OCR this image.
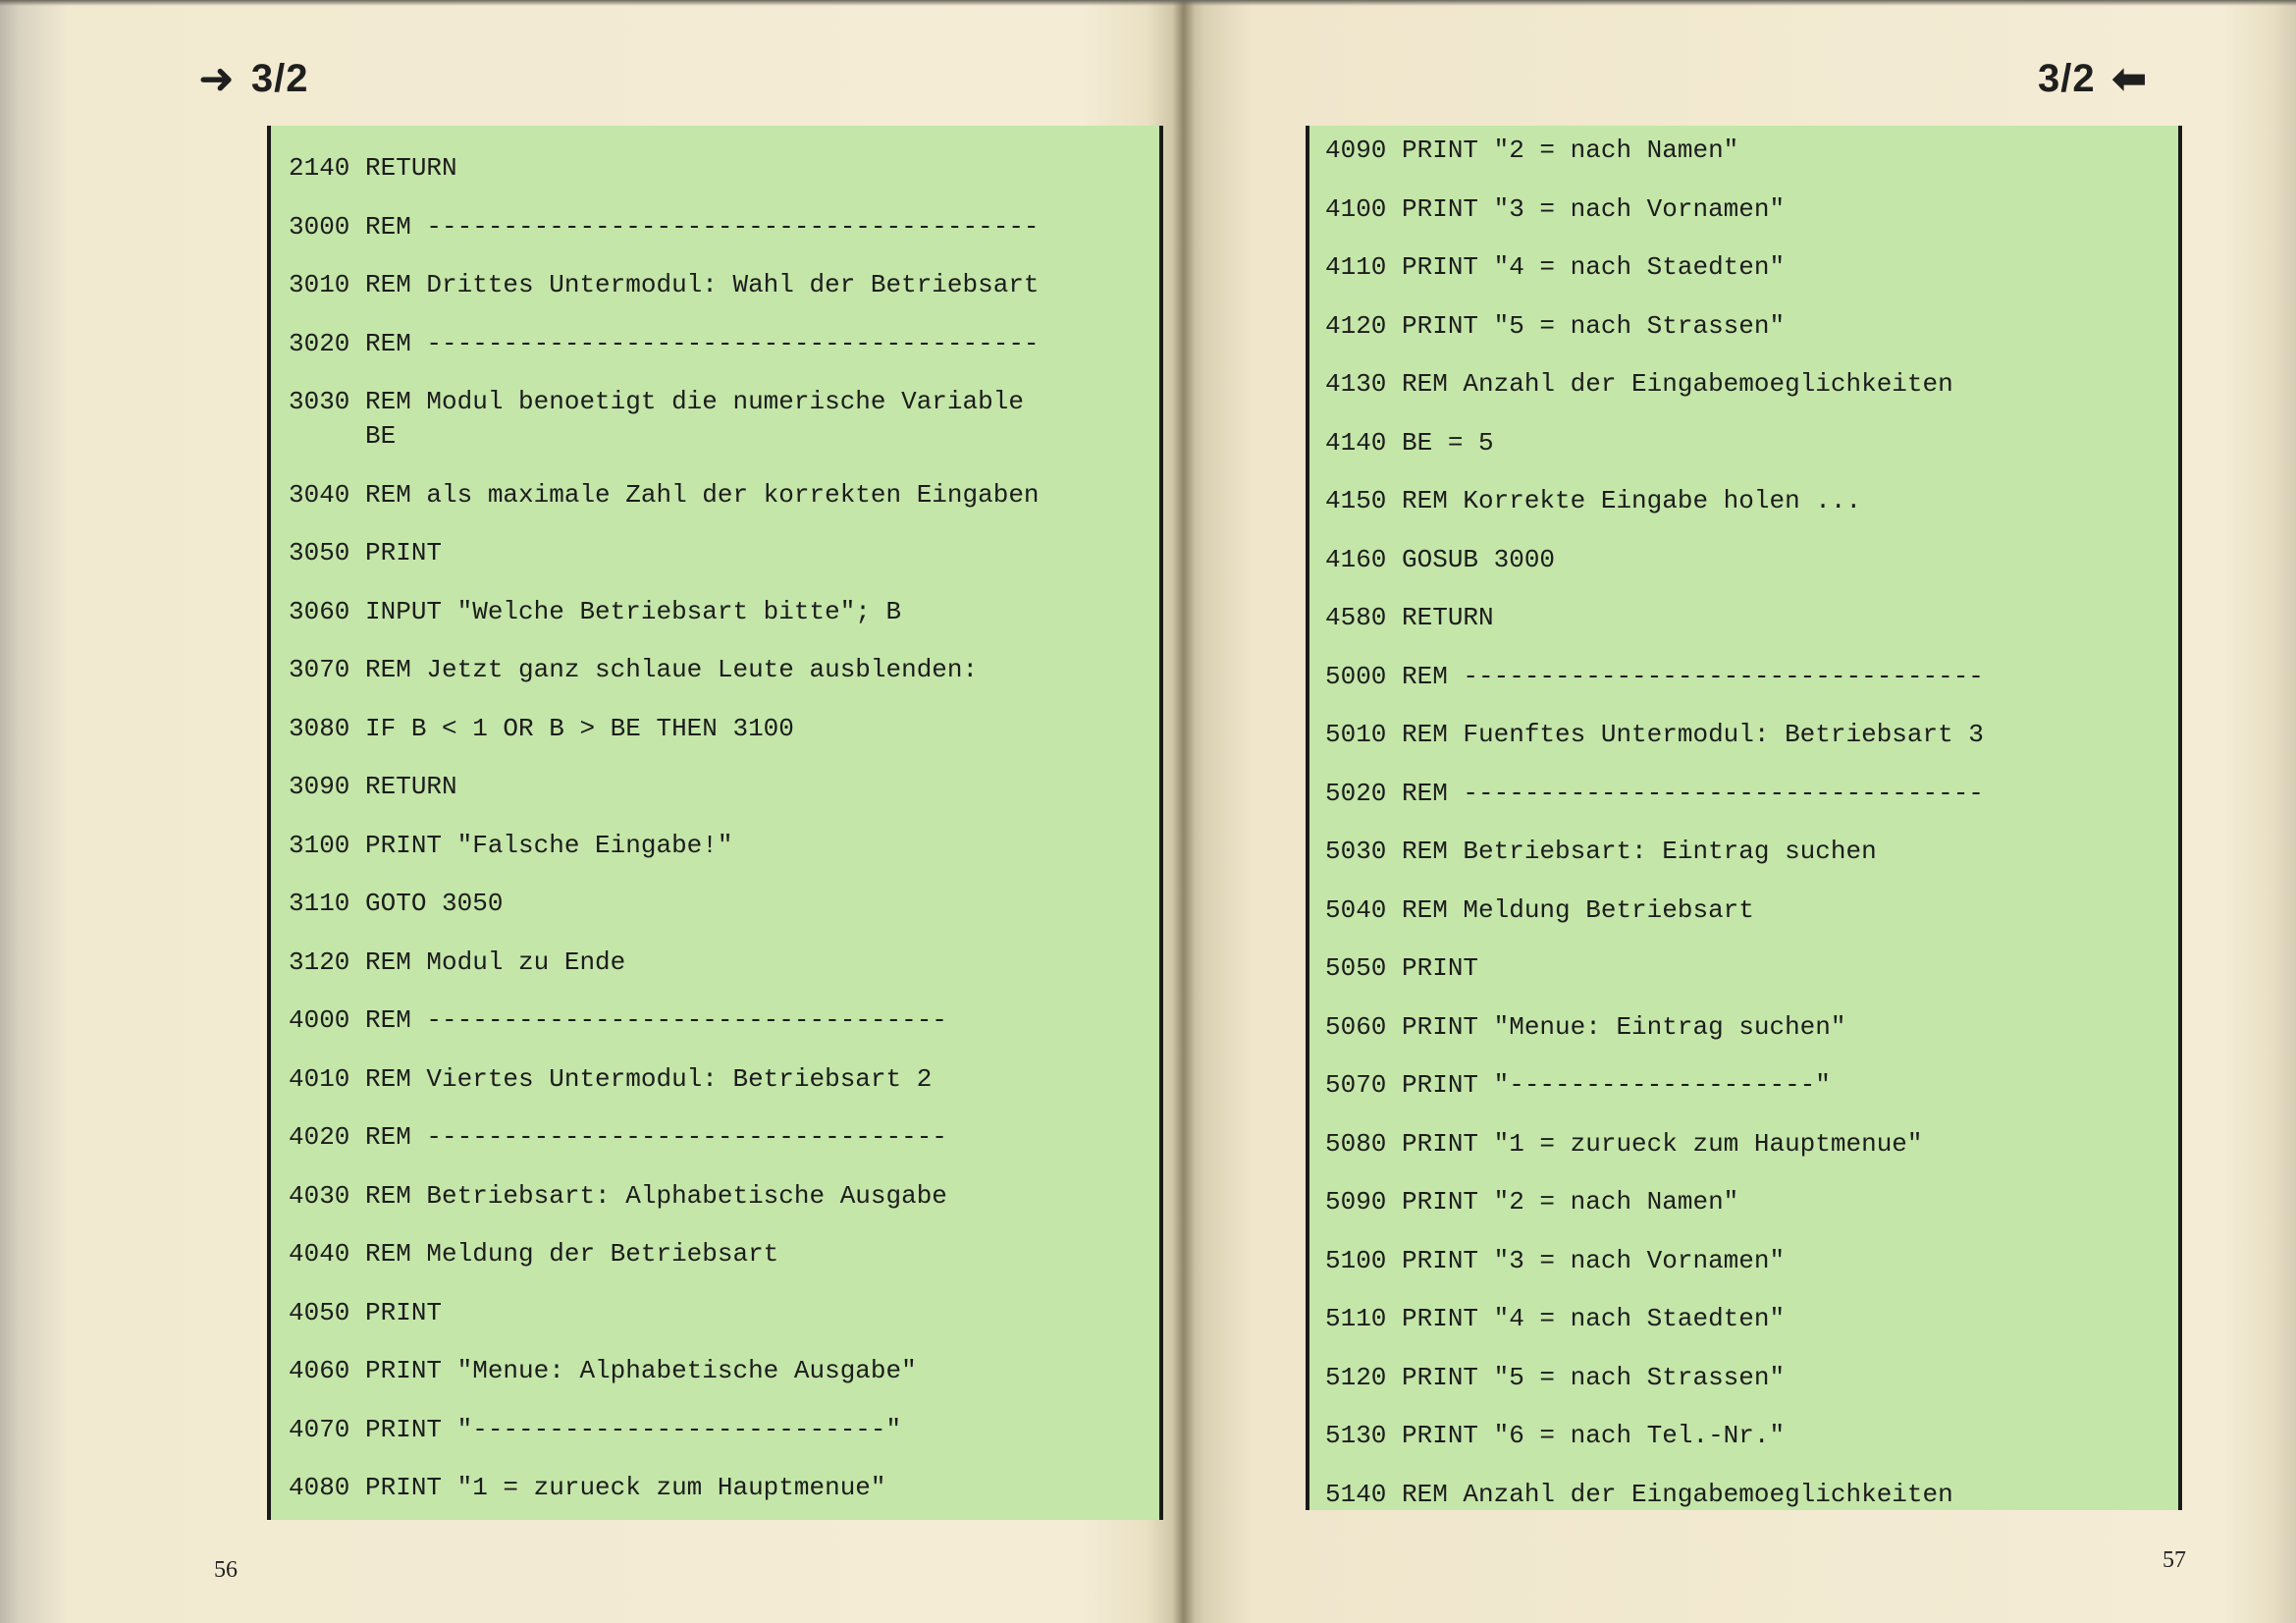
➜ 3/2
2140 RETURN
3000 REM ----------------------------------------
3010 REM Drittes Untermodul: Wahl der Betriebsart
3020 REM ----------------------------------------
3030 REM Modul benoetigt die numerische Variable
BE
3040 REM als maximale Zahl der korrekten Eingaben
3050 PRINT
3060 INPUT "Welche Betriebsart bitte"; B
3070 REM Jetzt ganz schlaue Leute ausblenden:
3080 IF B < 1 OR B > BE THEN 3100
3090 RETURN
3100 PRINT "Falsche Eingabe!"
3110 GOTO 3050
3120 REM Modul zu Ende
4000 REM ----------------------------------
4010 REM Viertes Untermodul: Betriebsart 2
4020 REM ----------------------------------
4030 REM Betriebsart: Alphabetische Ausgabe
4040 REM Meldung der Betriebsart
4050 PRINT
4060 PRINT "Menue: Alphabetische Ausgabe"
4070 PRINT "---------------------------"
4080 PRINT "1 = zurueck zum Hauptmenue"
56
3/2 ⬅
4090 PRINT "2 = nach Namen"
4100 PRINT "3 = nach Vornamen"
4110 PRINT "4 = nach Staedten"
4120 PRINT "5 = nach Strassen"
4130 REM Anzahl der Eingabemoeglichkeiten
4140 BE = 5
4150 REM Korrekte Eingabe holen ...
4160 GOSUB 3000
4580 RETURN
5000 REM ----------------------------------
5010 REM Fuenftes Untermodul: Betriebsart 3
5020 REM ----------------------------------
5030 REM Betriebsart: Eintrag suchen
5040 REM Meldung Betriebsart
5050 PRINT
5060 PRINT "Menue: Eintrag suchen"
5070 PRINT "--------------------"
5080 PRINT "1 = zurueck zum Hauptmenue"
5090 PRINT "2 = nach Namen"
5100 PRINT "3 = nach Vornamen"
5110 PRINT "4 = nach Staedten"
5120 PRINT "5 = nach Strassen"
5130 PRINT "6 = nach Tel.-Nr."
5140 REM Anzahl der Eingabemoeglichkeiten
57
